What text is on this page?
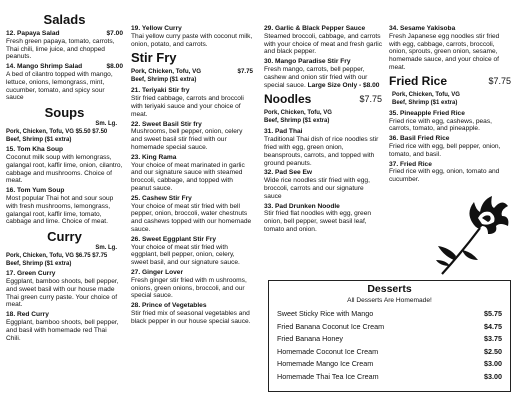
Salads
12. Papaya Salad	$7.00
Fresh green papaya, tomato, carrots, Thai chili, lime juice, and chopped peanuts.
14. Mango Shrimp Salad	$8.00
A bed of cilantro topped with mango, lettuce, onions, lemongrass, mint, cucumber, tomato, and spicy sour sauce
Soups
Sm. Lg.
Pork, Chicken, Tofu, VG $5.50 $7.50
Beef, Shrimp ($1 extra)
15. Tom Kha Soup
Coconut milk soup with lemongrass, galangal root, kaffir lime, onion, cilantro, cabbage and mushrooms. Choice of meat.
16. Tom Yum Soup
Most popular Thai hot and sour soup with fresh mushrooms, lemongrass, galangal root, kaffir lime, tomato, cabbage and lime. Choice of meat.
Curry
Sm. Lg.
Pork, Chicken, Tofu, VG $6.75 $7.75
Beef, Shrimp ($1 extra)
17. Green Curry
Eggplant, bamboo shoots, bell pepper, and sweet basil with our house made Thai green curry paste. Your choice of meat.
18. Red Curry
Eggplant, bamboo shoots, bell pepper, and basil with homemade red Thai Chili.
19. Yellow Curry
Thai yellow curry paste with coconut milk, onion, potato, and carrots.
Stir Fry
Pork, Chicken, Tofu, VG	$7.75
Beef, Shrimp ($1 extra)
21. Teriyaki Stir fry
Stir fried cabbage, carrots and broccoli with teriyaki sauce and your choice of meat.
22. Sweet Basil Stir fry
Mushrooms, bell pepper, onion, celery and sweet basil stir fried with our homemade special sauce.
23. King Rama
Your choice of meat marinated in garlic and our signature sauce with steamed broccoli, cabbage, and topped with peanut sauce.
25. Cashew Stir Fry
Your choice of meat stir fried with bell pepper, onion, broccoli, water chestnuts and cashews topped with our homemade sauce.
26. Sweet Eggplant Stir Fry
Your choice of meat stir fried with eggplant, bell pepper, onion, celery, sweet basil, and our signature sauce.
27. Ginger Lover
Fresh ginger stir fried with m ushrooms, onions, green onions, broccoli, and our special sauce.
28. Prince of Vegetables
Stir fried mix of seasonal vegetables and black pepper in our house special sauce.
29. Garlic & Black Pepper Sauce
Steamed broccoli, cabbage, and carrots with your choice of meat and fresh garlic and black pepper.
30. Mango Paradise Stir Fry
Fresh mango, carrots, bell pepper, cashew and onion stir fried with our special sauce. Large Size Only - $8.00
Noodles	$7.75
Pork, Chicken, Tofu, VG
Beef, Shrimp ($1 extra)
31. Pad Thai
Traditional Thai dish of rice noodles stir fried with egg, green onion, beansprouts, carrots, and topped with ground peanuts.
32. Pad See Ew
Wide rice noodles stir fried with egg, broccoli, carrots and our signature sauce
33. Pad Drunken Noodle
Stir fried flat noodles with egg, green onion, bell pepper, sweet basil leaf, tomato and onion.
34. Sesame Yakisoba
Fresh Japanese egg noodles stir fried with egg, cabbage, carrots, broccoli, onion, sprouts, green onion, sesame, homemade sauce, and your choice of meat.
Fried Rice	$7.75
Pork, Chicken, Tofu, VG
Beef, Shrimp ($1 extra)
35. Pineapple Fried Rice
Fried rice with egg, cashews, peas, carrots, tomato, and pineapple.
36. Basil Fried Rice
Fried rice with egg, bell pepper, onion, tomato, and basil.
37. Fried Rice
Fried rice with egg, onion, tomato and cucumber.
Desserts
All Desserts Are Homemade!
Sweet Sticky Rice with Mango	$5.75
Fried Banana Coconut Ice Cream	$4.75
Fried Banana Honey	$3.75
Homemade Coconut Ice Cream	$2.50
Homemade Mango Ice Cream	$3.00
Homemade Thai Tea Ice Cream	$3.00
